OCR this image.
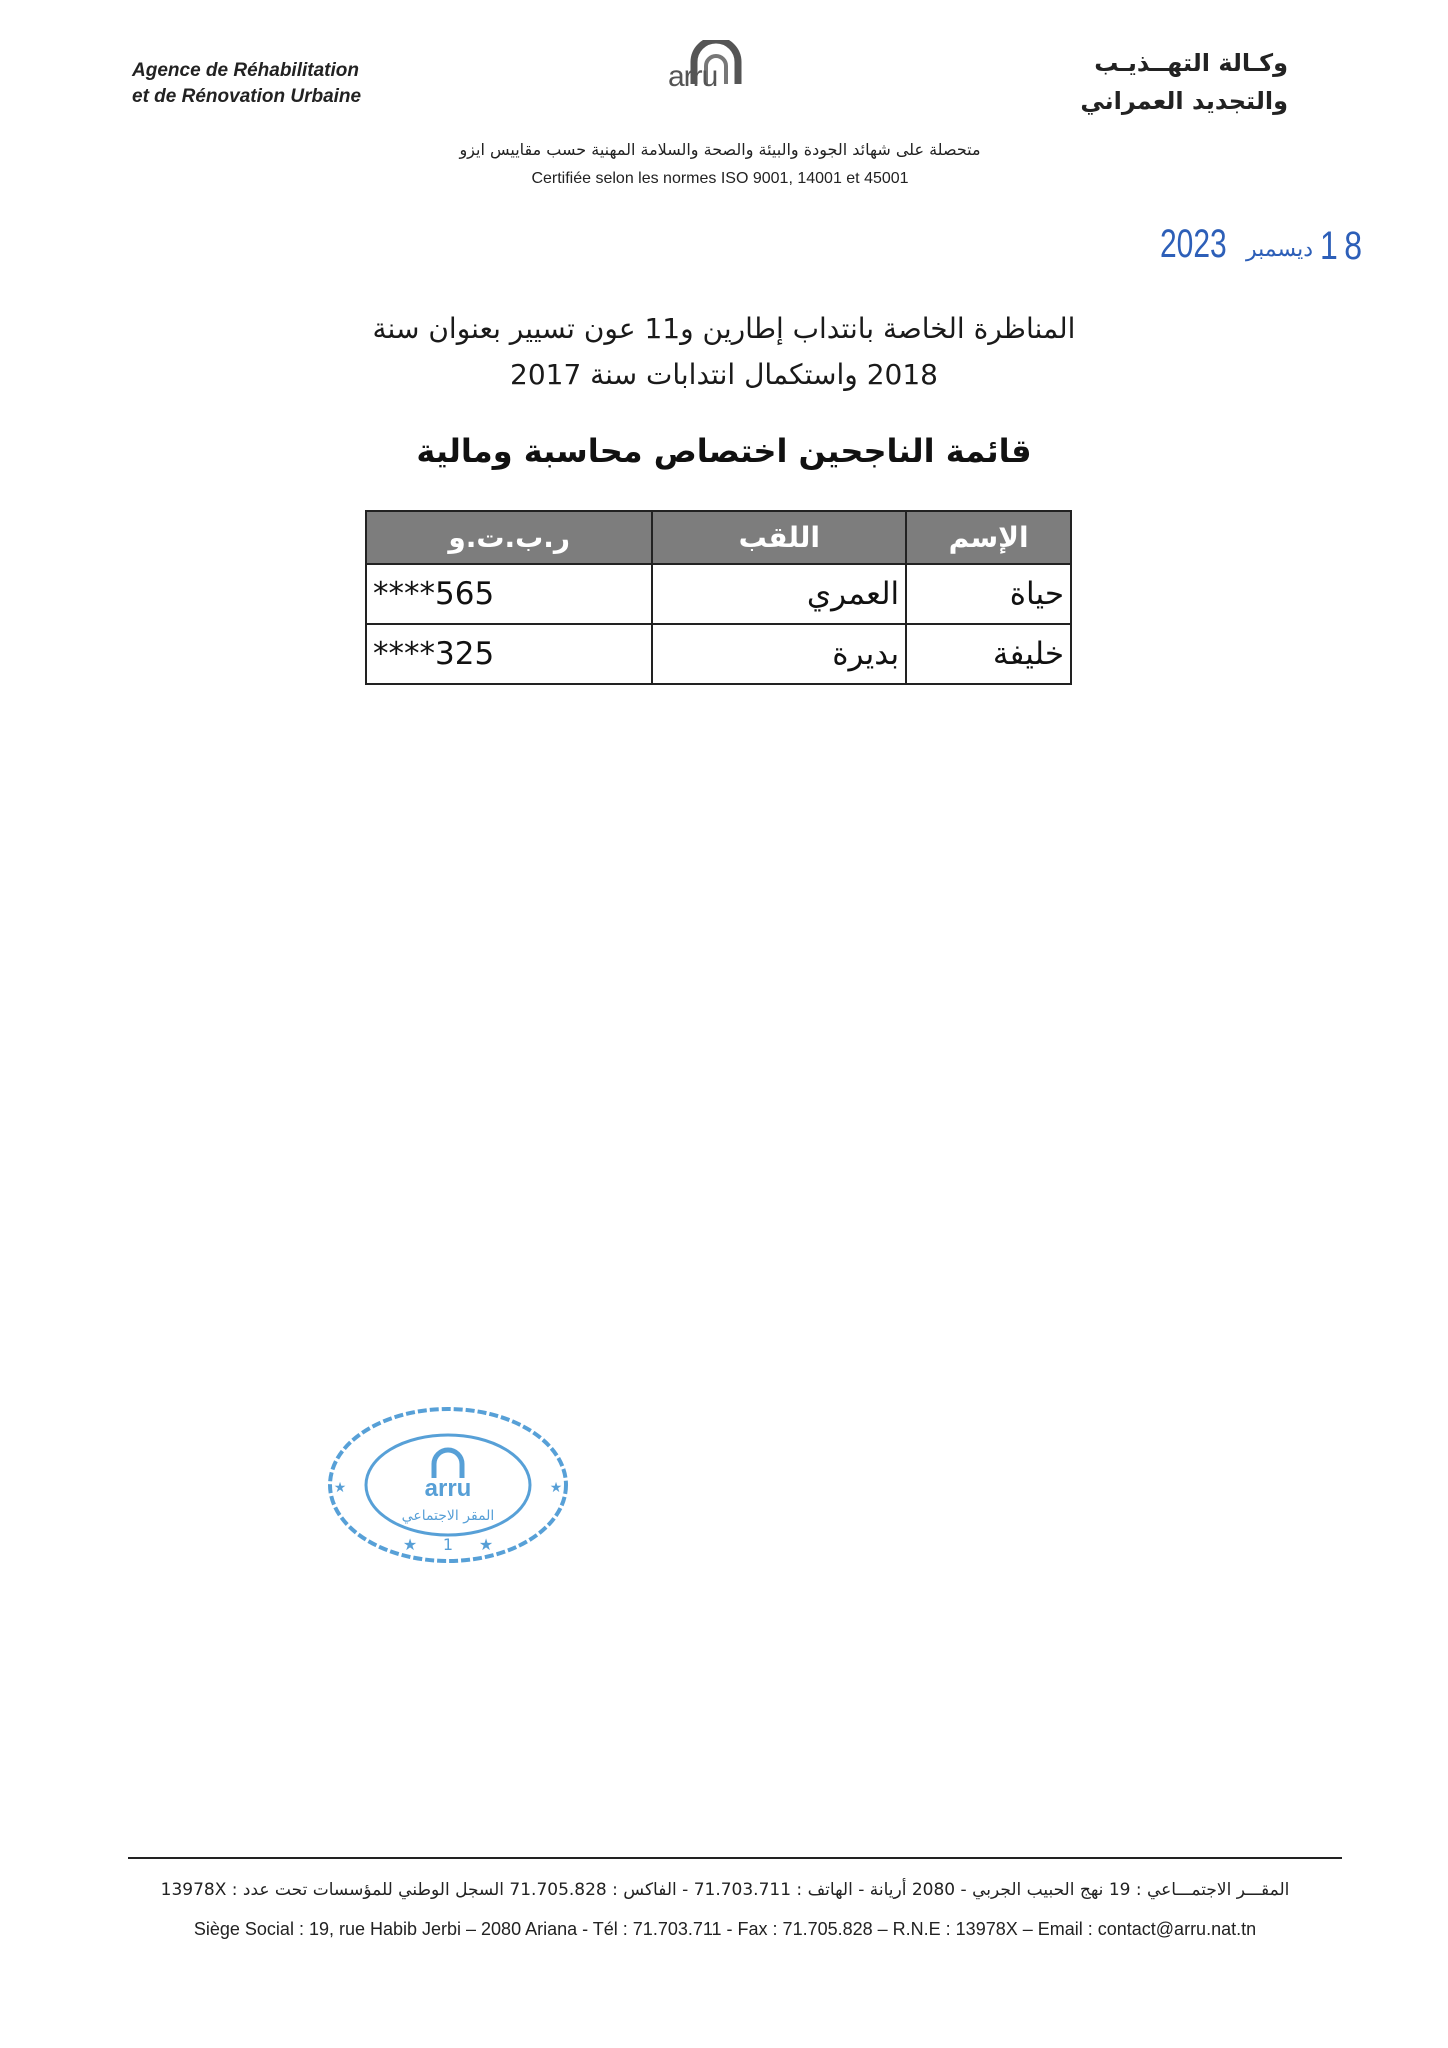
Agence de Réhabilitation
et de Rénovation Urbaine
arru	وكـالة التهــذيـب
والتجديد العمراني
متحصلة على شهائد الجودة والبيئة والصحة والسلامة المهنية حسب مقاييس ايزو
Certifiée selon les normes ISO 9001, 14001 et 45001
2023 ديسمبر 18
المناظرة الخاصة بانتداب إطارين و11 عون تسيير بعنوان سنة
2018 واستكمال انتدابات سنة 2017
قائمة الناجحين اختصاص محاسبة ومالية
الإسم	اللقب	ر.ب.ت.و
حياة	العمري	****565
خليفة	بديرة	****325
arru
المقر الاجتماعي
1
★	★
★	★
المقـــر الاجتمـــاعي : 19 نهج الحبيب الجربي - 2080 أريانة - الهاتف : 71.703.711 - الفاكس : 71.705.828 السجل الوطني للمؤسسات تحت عدد : 13978X
Siège Social : 19, rue Habib Jerbi – 2080 Ariana - Tél : 71.703.711 - Fax : 71.705.828 – R.N.E : 13978X – Email : contact@arru.nat.tn
